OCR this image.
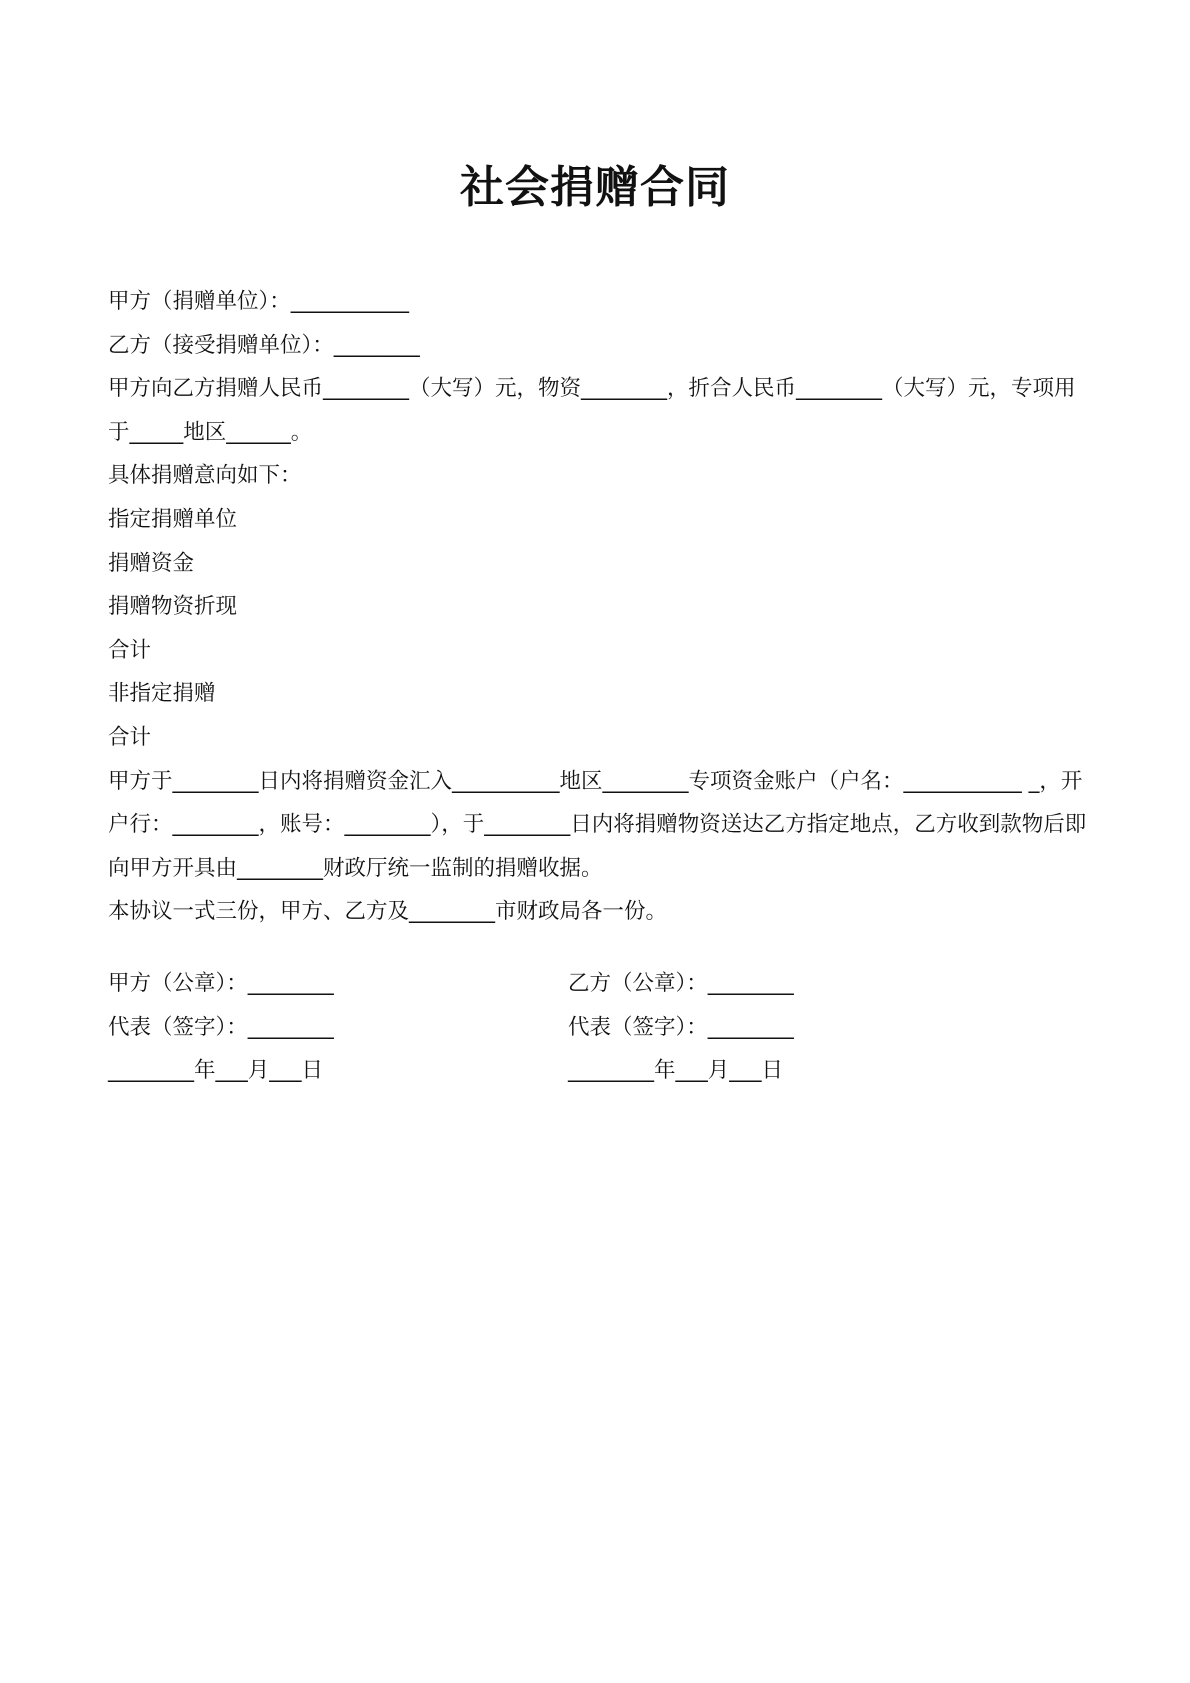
社会捐赠合同

甲方（捐赠单位）：___________

乙方（接受捐赠单位）：________

甲方向乙方捐赠人民币________（大写）元，物资________，折合人民币________（大写）元，专项用于_____地区______。

具体捐赠意向如下：

指定捐赠单位

捐赠资金

捐赠物资折现

合计

非指定捐赠

合计

甲方于________日内将捐赠资金汇入__________地区________专项资金账户（户名：___________ _，开户行：________，账号：________），于________日内将捐赠物资送达乙方指定地点，乙方收到款物后即向甲方开具由________财政厅统一监制的捐赠收据。

本协议一式三份，甲方、乙方及________市财政局各一份。

甲方（公章）：________

代表（签字）：________

________年___月___日

乙方（公章）：________

代表（签字）：________

________年___月___日
